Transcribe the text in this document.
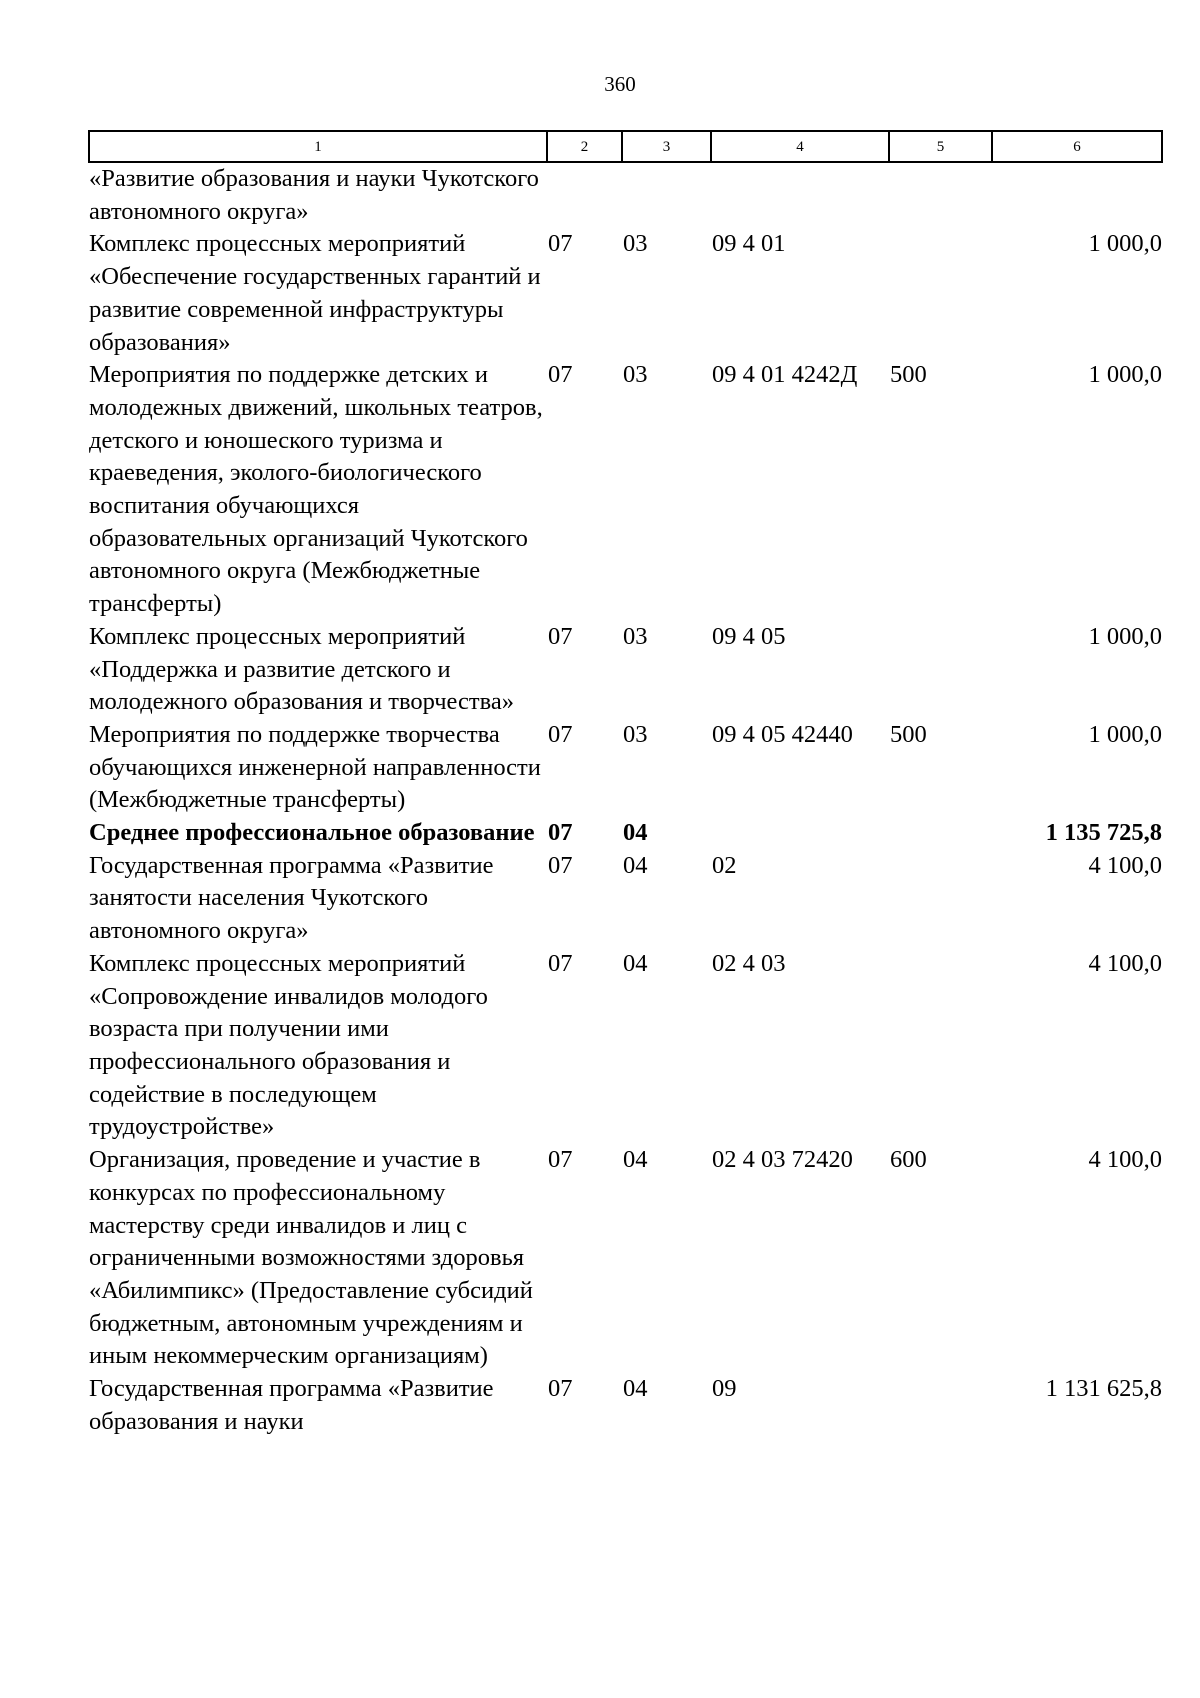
360
1	2	3	4	5	6
«Развитие образования и науки Чукотского автономного округа»					
Комплекс процессных мероприятий «Обеспечение государственных гарантий и развитие современной инфраструктуры образования»	07	03	09 4 01		1 000,0
Мероприятия по поддержке детских и молодежных движений, школьных театров, детского и юношеского туризма и краеведения, эколого-биологического воспитания обучающихся образовательных организаций Чукотского автономного округа (Межбюджетные трансферты)	07	03	09 4 01 4242Д	500	1 000,0
Комплекс процессных мероприятий «Поддержка и развитие детского и молодежного образования и творчества»	07	03	09 4 05		1 000,0
Мероприятия по поддержке творчества обучающихся инженерной направленности (Межбюджетные трансферты)	07	03	09 4 05 42440	500	1 000,0
Среднее профессиональное образование	07	04			1 135 725,8
Государственная программа «Развитие занятости населения Чукотского автономного округа»	07	04	02		4 100,0
Комплекс процессных мероприятий «Сопровождение инвалидов молодого возраста при получении ими профессионального образования и содействие в последующем трудоустройстве»	07	04	02 4 03		4 100,0
Организация, проведение и участие в конкурсах по профессиональному мастерству среди инвалидов и лиц с ограниченными возможностями здоровья «Абилимпикс» (Предоставление субсидий бюджетным, автономным учреждениям и иным некоммерческим организациям)	07	04	02 4 03 72420	600	4 100,0
Государственная программа «Развитие образования и науки	07	04	09		1 131 625,8
